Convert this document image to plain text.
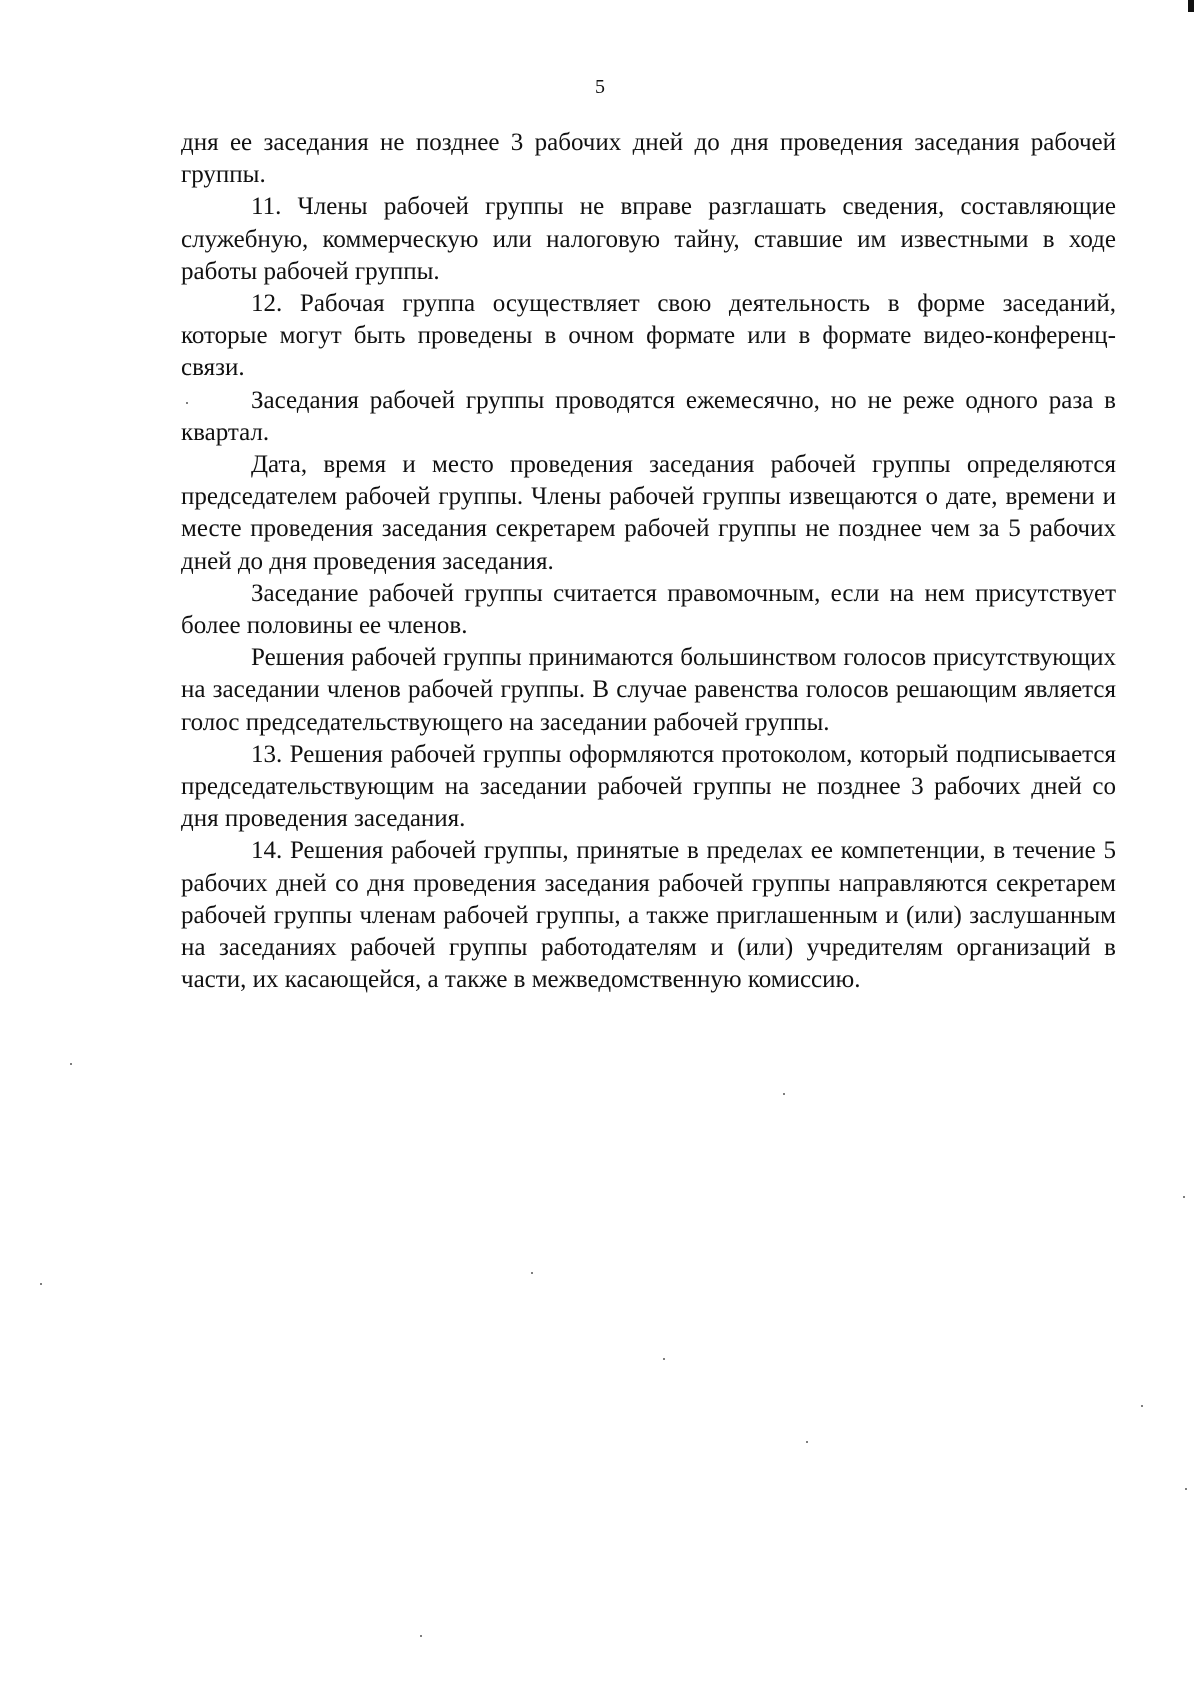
5

дня ее заседания не позднее 3 рабочих дней до дня проведения заседания рабочей группы.

11. Члены рабочей группы не вправе разглашать сведения, составляющие служебную, коммерческую или налоговую тайну, ставшие им известными в ходе работы рабочей группы.

12. Рабочая группа осуществляет свою деятельность в форме заседаний, которые могут быть проведены в очном формате или в формате видео-конференц-связи.

Заседания рабочей группы проводятся ежемесячно, но не реже одного раза в квартал.

Дата, время и место проведения заседания рабочей группы определяются председателем рабочей группы. Члены рабочей группы извещаются о дате, времени и месте проведения заседания секретарем рабочей группы не позднее чем за 5 рабочих дней до дня проведения заседания.

Заседание рабочей группы считается правомочным, если на нем присутствует более половины ее членов.

Решения рабочей группы принимаются большинством голосов присутствующих на заседании членов рабочей группы. В случае равенства голосов решающим является голос председательствующего на заседании рабочей группы.

13. Решения рабочей группы оформляются протоколом, который подписывается председательствующим на заседании рабочей группы не позднее 3 рабочих дней со дня проведения заседания.

14. Решения рабочей группы, принятые в пределах ее компетенции, в течение 5 рабочих дней со дня проведения заседания рабочей группы направляются секретарем рабочей группы членам рабочей группы, а также приглашенным и (или) заслушанным на заседаниях рабочей группы работодателям и (или) учредителям организаций в части, их касающейся, а также в межведомственную комиссию.
